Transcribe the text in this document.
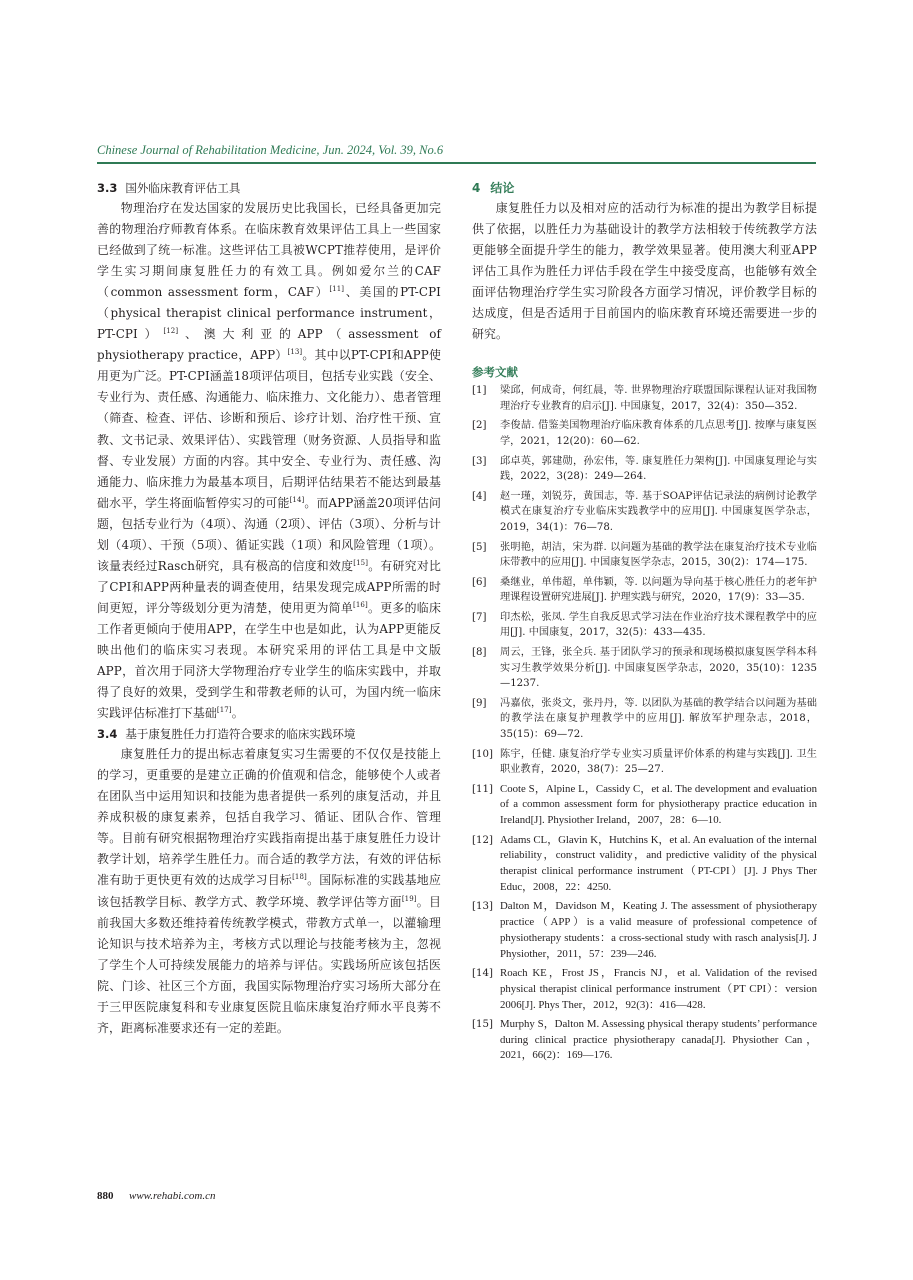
Chinese Journal of Rehabilitation Medicine, Jun. 2024, Vol. 39, No.6

3.3 国外临床教育评估工具

物理治疗在发达国家的发展历史比我国长，已经具备更加完善的物理治疗师教育体系。在临床教育效果评估工具上一些国家已经做到了统一标准。这些评估工具被WCPT推荐使用，是评价学生实习期间康复胜任力的有效工具。例如爱尔兰的CAF（common assessment form，CAF）[11]、美国的PT-CPI（physical therapist clinical performance instrument，PT-CPI）[12]、澳大利亚的APP（assessment of physiotherapy practice，APP）[13]。其中以PT-CPI和APP使用更为广泛。PT-CPI涵盖18项评估项目，包括专业实践（安全、专业行为、责任感、沟通能力、临床推力、文化能力）、患者管理（筛查、检查、评估、诊断和预后、诊疗计划、治疗性干预、宣教、文书记录、效果评估）、实践管理（财务资源、人员指导和监督、专业发展）方面的内容。其中安全、专业行为、责任感、沟通能力、临床推力为最基本项目，后期评估结果若不能达到最基础水平，学生将面临暂停实习的可能[14]。而APP涵盖20项评估问题，包括专业行为（4项）、沟通（2项）、评估（3项）、分析与计划（4项）、干预（5项）、循证实践（1项）和风险管理（1项）。该量表经过Rasch研究，具有极高的信度和效度[15]。有研究对比了CPI和APP两种量表的调查使用，结果发现完成APP所需的时间更短，评分等级划分更为清楚，使用更为简单[16]。更多的临床工作者更倾向于使用APP，在学生中也是如此，认为APP更能反映出他们的临床实习表现。本研究采用的评估工具是中文版APP，首次用于同济大学物理治疗专业学生的临床实践中，并取得了良好的效果，受到学生和带教老师的认可，为国内统一临床实践评估标准打下基础[17]。

3.4 基于康复胜任力打造符合要求的临床实践环境

康复胜任力的提出标志着康复实习生需要的不仅仅是技能上的学习，更重要的是建立正确的价值观和信念，能够使个人或者在团队当中运用知识和技能为患者提供一系列的康复活动，并且养成积极的康复素养，包括自我学习、循证、团队合作、管理等。目前有研究根据物理治疗实践指南提出基于康复胜任力设计教学计划，培养学生胜任力。而合适的教学方法，有效的评估标准有助于更快更有效的达成学习目标[18]。国际标准的实践基地应该包括教学目标、教学方式、教学环境、教学评估等方面[19]。目前我国大多数还维持着传统教学模式，带教方式单一，以灌输理论知识与技术培养为主，考核方式以理论与技能考核为主，忽视了学生个人可持续发展能力的培养与评估。实践场所应该包括医院、门诊、社区三个方面，我国实际物理治疗实习场所大部分在于三甲医院康复科和专业康复医院且临床康复治疗师水平良莠不齐，距离标准要求还有一定的差距。

4 结论

康复胜任力以及相对应的活动行为标准的提出为教学目标提供了依据，以胜任力为基础设计的教学方法相较于传统教学方法更能够全面提升学生的能力，教学效果显著。使用澳大利亚APP评估工具作为胜任力评估手段在学生中接受度高，也能够有效全面评估物理治疗学生实习阶段各方面学习情况，评价教学目标的达成度，但是否适用于目前国内的临床教育环境还需要进一步的研究。

参考文献
[1]	梁邱，何成奇，何红晨，等. 世界物理治疗联盟国际课程认证对我国物理治疗专业教育的启示[J]. 中国康复，2017，32(4)：350—352.
[2]	李俊喆. 借鉴美国物理治疗临床教育体系的几点思考[J]. 按摩与康复医学，2021，12(20)：60—62.
[3]	邱卓英，郭建勋，孙宏伟，等. 康复胜任力架构[J]. 中国康复理论与实践，2022，3(28)：249—264.
[4]	赵一瑾，刘锐芬，黄国志，等. 基于SOAP评估记录法的病例讨论教学模式在康复治疗专业临床实践教学中的应用[J]. 中国康复医学杂志，2019，34(1)：76—78.
[5]	张明艳，胡洁，宋为群. 以问题为基础的教学法在康复治疗技术专业临床带教中的应用[J]. 中国康复医学杂志，2015，30(2)：174—175.
[6]	桑继业，单伟超，单伟颖，等. 以问题为导向基于核心胜任力的老年护理课程设置研究进展[J]. 护理实践与研究，2020，17(9)：33—35.
[7]	印杰松，张凤. 学生自我反思式学习法在作业治疗技术课程教学中的应用[J]. 中国康复，2017，32(5)：433—435.
[8]	周云，王锋，张全兵. 基于团队学习的预录和现场模拟康复医学科本科实习生教学效果分析[J]. 中国康复医学杂志，2020，35(10)：1235—1237.
[9]	冯嘉依，张炎文，张丹丹，等. 以团队为基础的教学结合以问题为基础的教学法在康复护理教学中的应用[J]. 解放军护理杂志，2018，35(15)：69—72.
[10] 陈宇，任健. 康复治疗学专业实习质量评价体系的构建与实践[J]. 卫生职业教育，2020，38(7)：25—27.
[11] Coote S，Alpine L，Cassidy C，et al. The development and evaluation of a common assessment form for physiotherapy practice education in Ireland[J]. Physiother Ireland，2007，28：6—10.
[12] Adams CL，Glavin K，Hutchins K，et al. An evaluation of the internal reliability，construct validity，and predictive validity of the physical therapist clinical performance instrument（PT-CPI）[J]. J Phys Ther Educ，2008，22：4250.
[13] Dalton M，Davidson M，Keating J. The assessment of physiotherapy practice（APP）is a valid measure of professional competence of physiotherapy students：a cross-sectional study with rasch analysis[J]. J Physiother，2011，57：239—246.
[14] Roach KE，Frost JS，Francis NJ，et al. Validation of the revised physical therapist clinical performance instrument（PT CPI）：version 2006[J]. Phys Ther，2012，92(3)：416—428.
[15] Murphy S，Dalton M. Assessing physical therapy students’ performance during clinical practice physiotherapy canada[J]. Physiother Can，2021，66(2)：169—176.
880 www.rehabi.com.cn
